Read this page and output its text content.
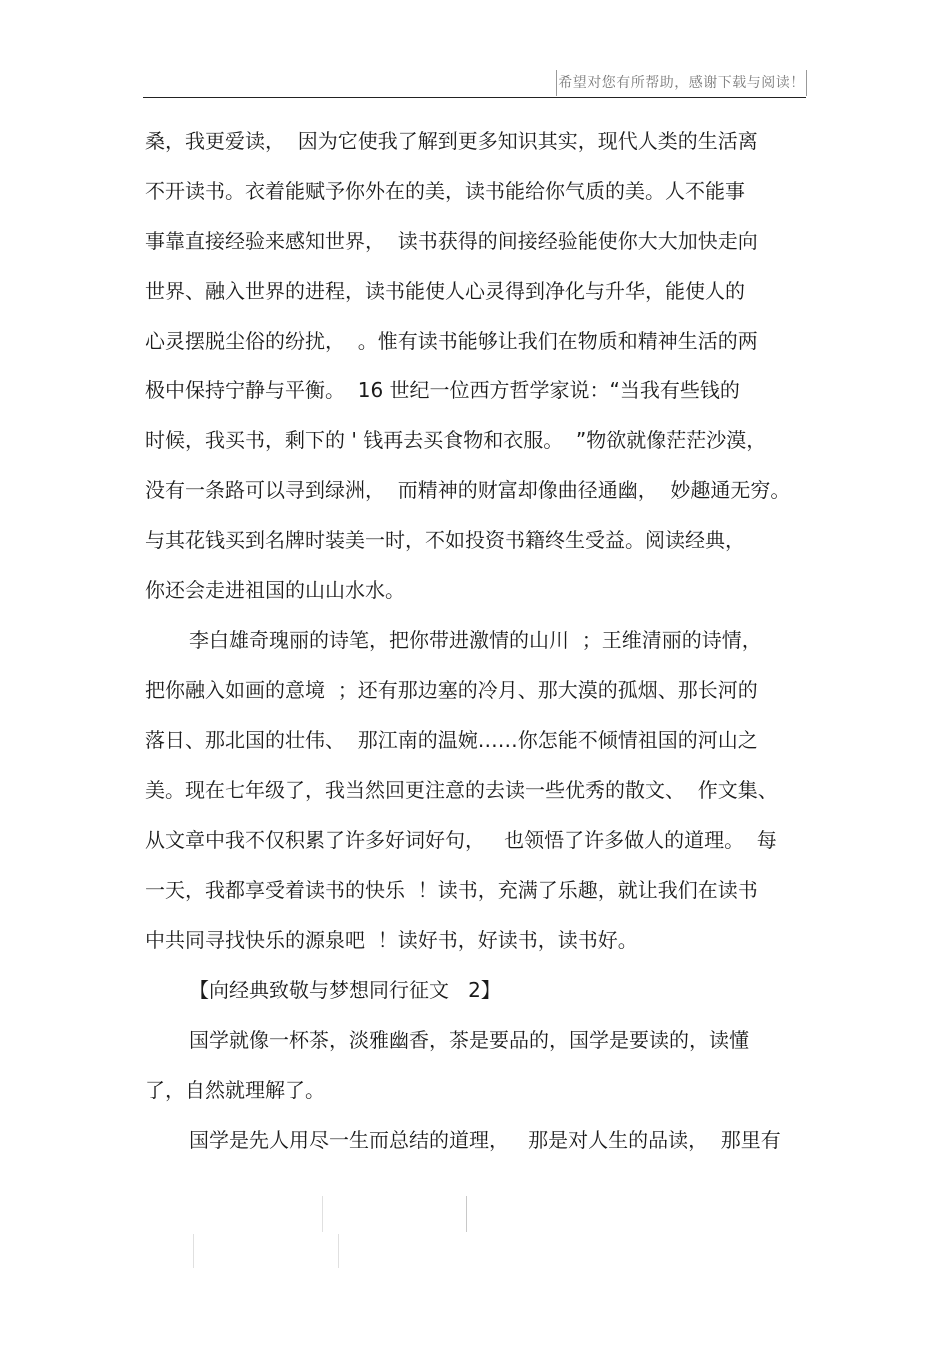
希望对您有所帮助，感谢下载与阅读！
桑，我更爱读，  因为它使我了解到更多知识其实，现代人类的生活离
不开读书。衣着能赋予你外在的美，读书能给你气质的美。人不能事
事靠直接经验来感知世界，  读书获得的间接经验能使你大大加快走向
世界、融入世界的进程，读书能使人心灵得到净化与升华，能使人的
心灵摆脱尘俗的纷扰，  。惟有读书能够让我们在物质和精神生活的两
极中保持宁静与平衡。  16 世纪一位西方哲学家说：“当我有些钱的
时候，我买书，剩下的 ' 钱再去买食物和衣服。  ”物欲就像茫茫沙漠，
没有一条路可以寻到绿洲，  而精神的财富却像曲径通幽，  妙趣通无穷。
与其花钱买到名牌时装美一时，不如投资书籍终生受益。阅读经典，
你还会走进祖国的山山水水。
李白雄奇瑰丽的诗笔，把你带进激情的山川  ；王维清丽的诗情，
把你融入如画的意境  ；还有那边塞的冷月、那大漠的孤烟、那长河的
落日、那北国的壮伟、  那江南的温婉……你怎能不倾情祖国的河山之
美。现在七年级了，我当然回更注意的去读一些优秀的散文、  作文集、
从文章中我不仅积累了许多好词好句，   也领悟了许多做人的道理。  每
一天，我都享受着读书的快乐  ！读书，充满了乐趣，就让我们在读书
中共同寻找快乐的源泉吧  ！读好书，好读书，读书好。
【向经典致敬与梦想同行征文   2】
国学就像一杯茶，淡雅幽香，茶是要品的，国学是要读的，读懂
了，自然就理解了。
国学是先人用尽一生而总结的道理，   那是对人生的品读，  那里有
